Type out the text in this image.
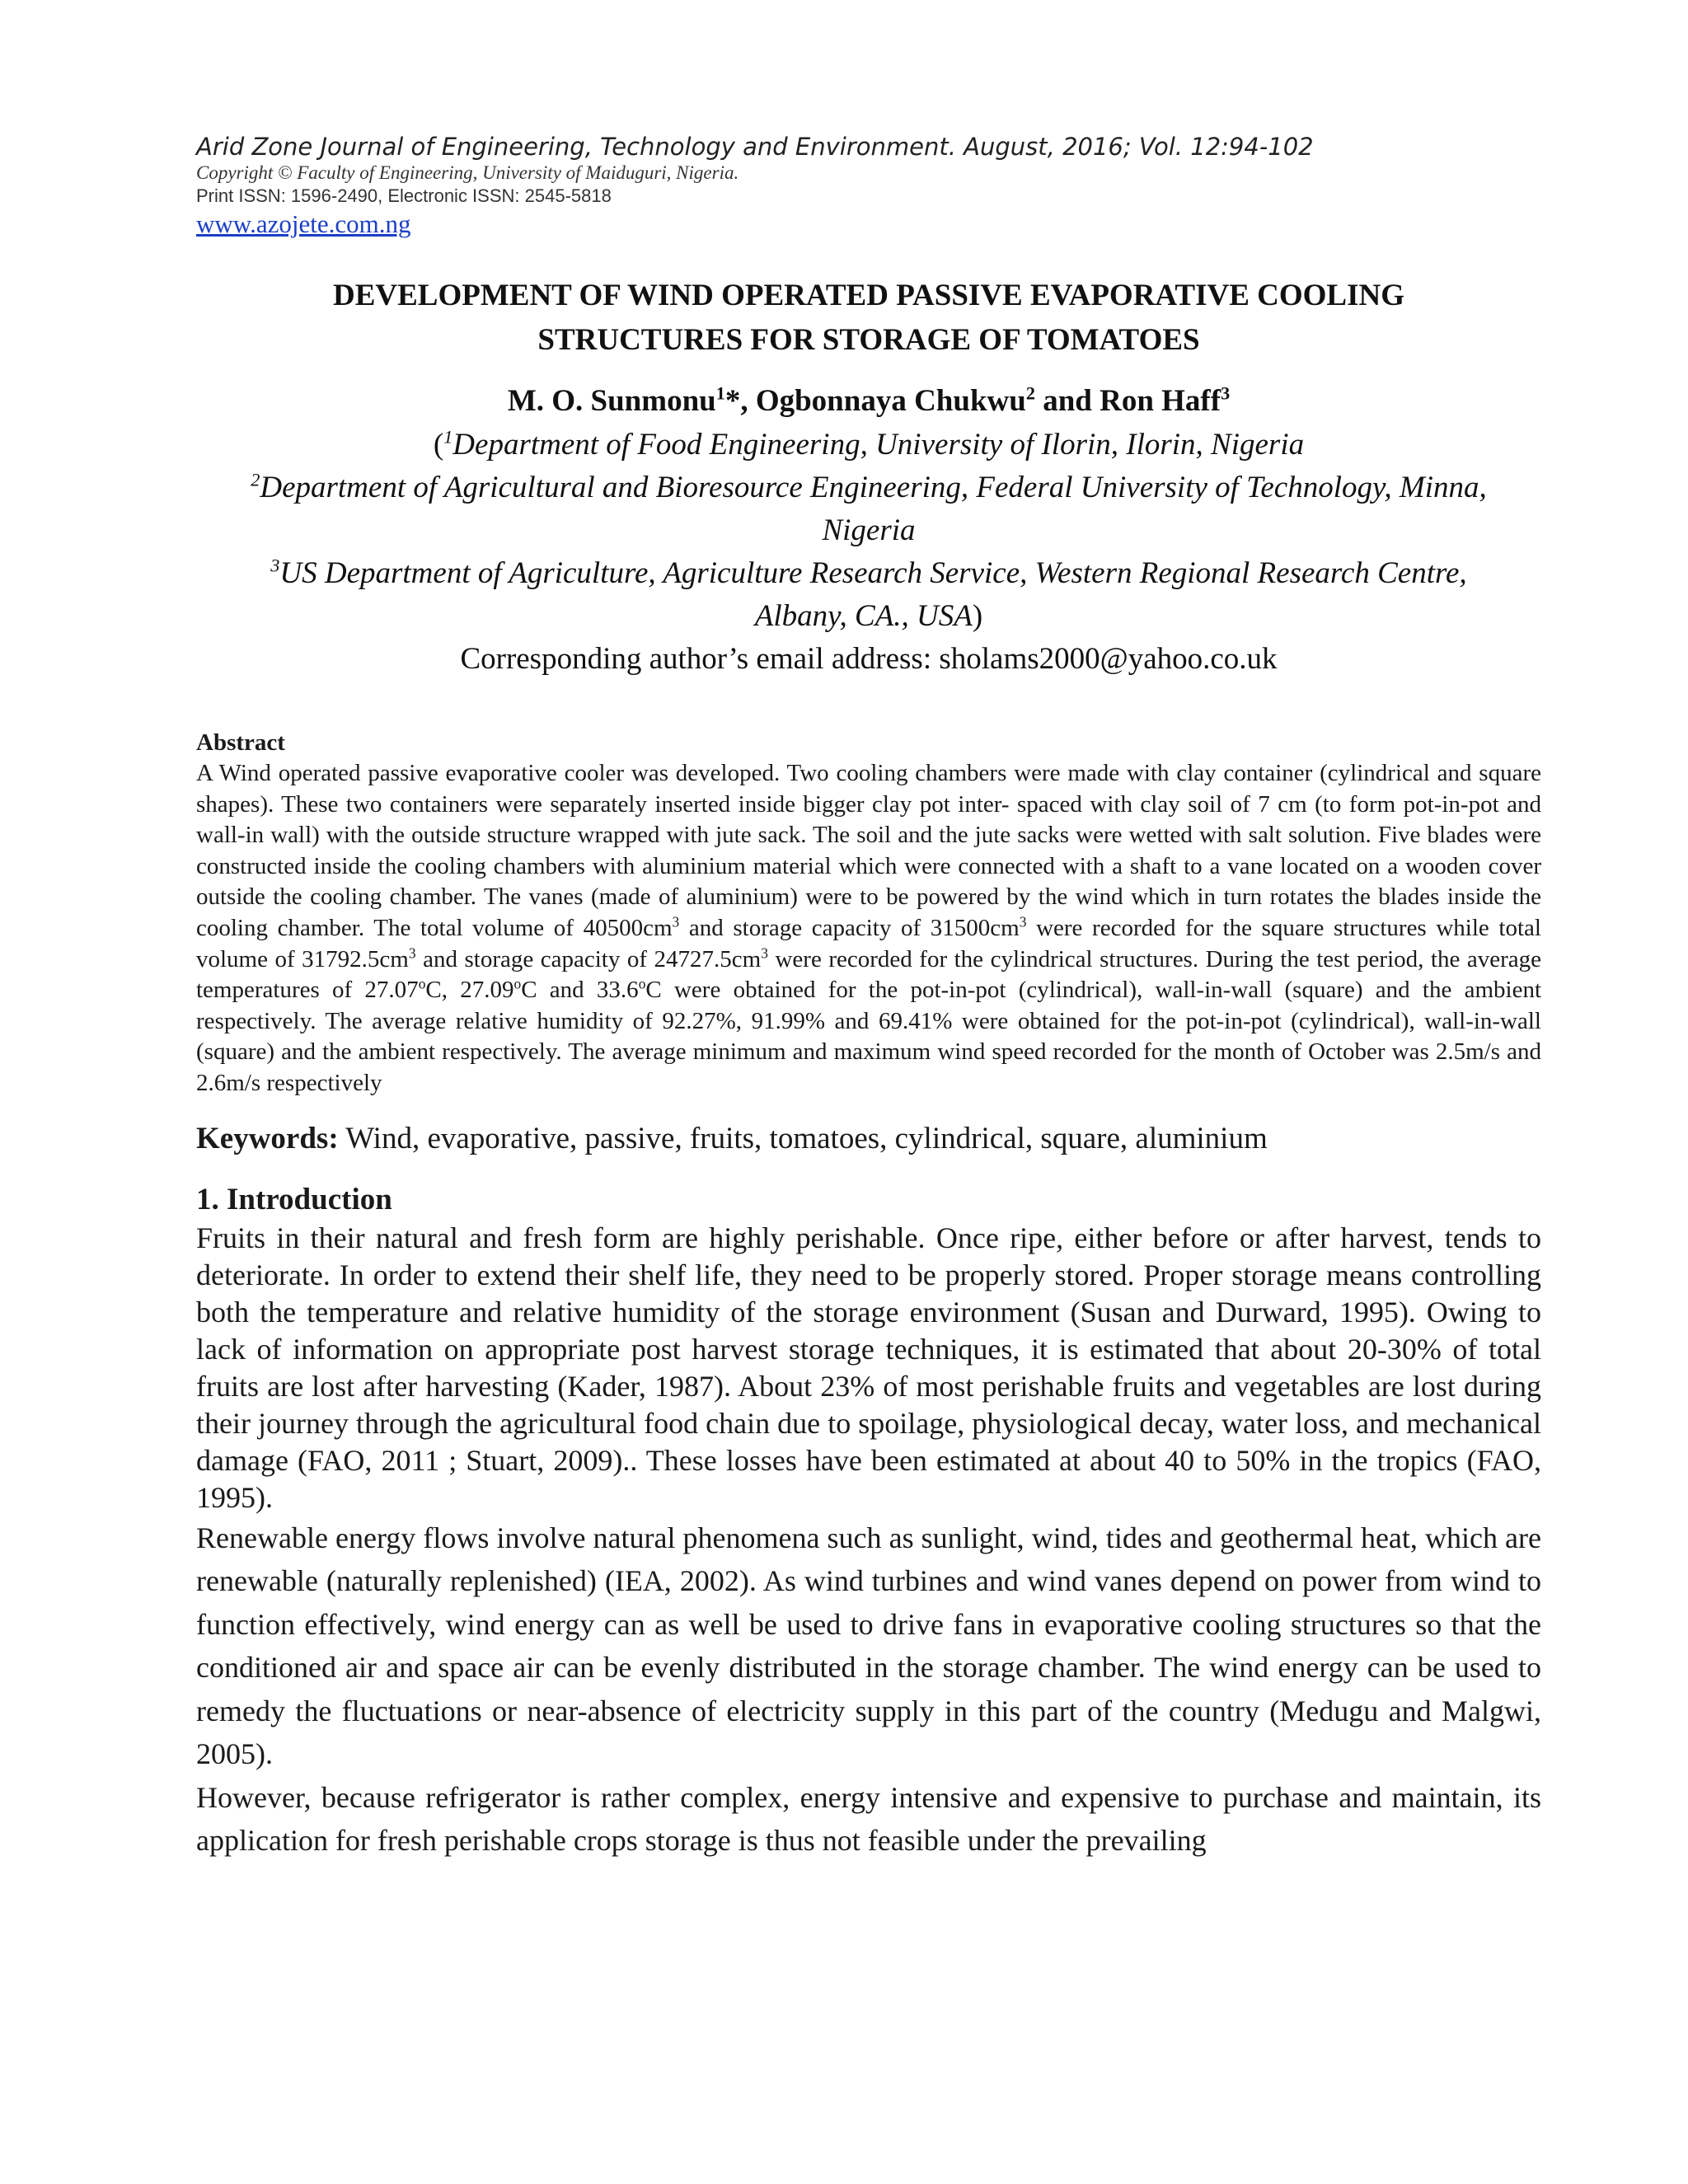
Arid Zone Journal of Engineering, Technology and Environment. August, 2016; Vol. 12:94-102
Copyright © Faculty of Engineering, University of Maiduguri, Nigeria.
Print ISSN: 1596-2490, Electronic ISSN: 2545-5818
www.azojete.com.ng
DEVELOPMENT OF WIND OPERATED PASSIVE EVAPORATIVE COOLING
STRUCTURES FOR STORAGE OF TOMATOES
M. O. Sunmonu$^1$*, Ogbonnaya Chukwu$^2$ and Ron Haff$^3$
($^1$Department of Food Engineering, University of Ilorin, Ilorin, Nigeria
$^2$Department of Agricultural and Bioresource Engineering, Federal University of Technology, Minna,
Nigeria
$^3$US Department of Agriculture, Agriculture Research Service, Western Regional Research Centre,
Albany, CA., USA)
Corresponding author’s email address: sholams2000@yahoo.co.uk
Abstract
A Wind operated passive evaporative cooler was developed. Two cooling chambers were made with clay container (cylindrical and square shapes). These two containers were separately inserted inside bigger clay pot inter- spaced with clay soil of 7 cm (to form pot-in-pot and wall-in wall) with the outside structure wrapped with jute sack. The soil and the jute sacks were wetted with salt solution. Five blades were constructed inside the cooling chambers with aluminium material which were connected with a shaft to a vane located on a wooden cover outside the cooling chamber. The vanes (made of aluminium) were to be powered by the wind which in turn rotates the blades inside the cooling chamber. The total volume of $40500cm^3$ and storage capacity of $31500cm^3$ were recorded for the square structures while total volume of $31792.5cm^3$ and storage capacity of $24727.5cm^3$ were recorded for the cylindrical structures. During the test period, the average temperatures of 27.07$^o$C, 27.09$^o$C and 33.6$^o$C were obtained for the pot-in-pot (cylindrical), wall-in-wall (square) and the ambient respectively. The average relative humidity of 92.27%, 91.99% and 69.41% were obtained for the pot-in-pot (cylindrical), wall-in-wall (square) and the ambient respectively. The average minimum and maximum wind speed recorded for the month of October was 2.5m/s and 2.6m/s respectively
Keywords: Wind, evaporative, passive, fruits, tomatoes, cylindrical, square, aluminium
1. Introduction
Fruits in their natural and fresh form are highly perishable. Once ripe, either before or after harvest, tends to deteriorate. In order to extend their shelf life, they need to be properly stored. Proper storage means controlling both the temperature and relative humidity of the storage environment (Susan and Durward, 1995). Owing to lack of information on appropriate post harvest storage techniques, it is estimated that about 20-30% of total fruits are lost after harvesting (Kader, 1987). About 23% of most perishable fruits and vegetables are lost during their journey through the agricultural food chain due to spoilage, physiological decay, water loss, and mechanical damage (FAO, 2011 ; Stuart, 2009).. These losses have been estimated at about 40 to 50% in the tropics (FAO, 1995).
Renewable energy flows involve natural phenomena such as sunlight, wind, tides and geothermal heat, which are renewable (naturally replenished) (IEA, 2002). As wind turbines and wind vanes depend on power from wind to function effectively, wind energy can as well be used to drive fans in evaporative cooling structures so that the conditioned air and space air can be evenly distributed in the storage chamber. The wind energy can be used to remedy the fluctuations or near-absence of electricity supply in this part of the country (Medugu and Malgwi, 2005).
However, because refrigerator is rather complex, energy intensive and expensive to purchase and maintain, its application for fresh perishable crops storage is thus not feasible under the prevailing
